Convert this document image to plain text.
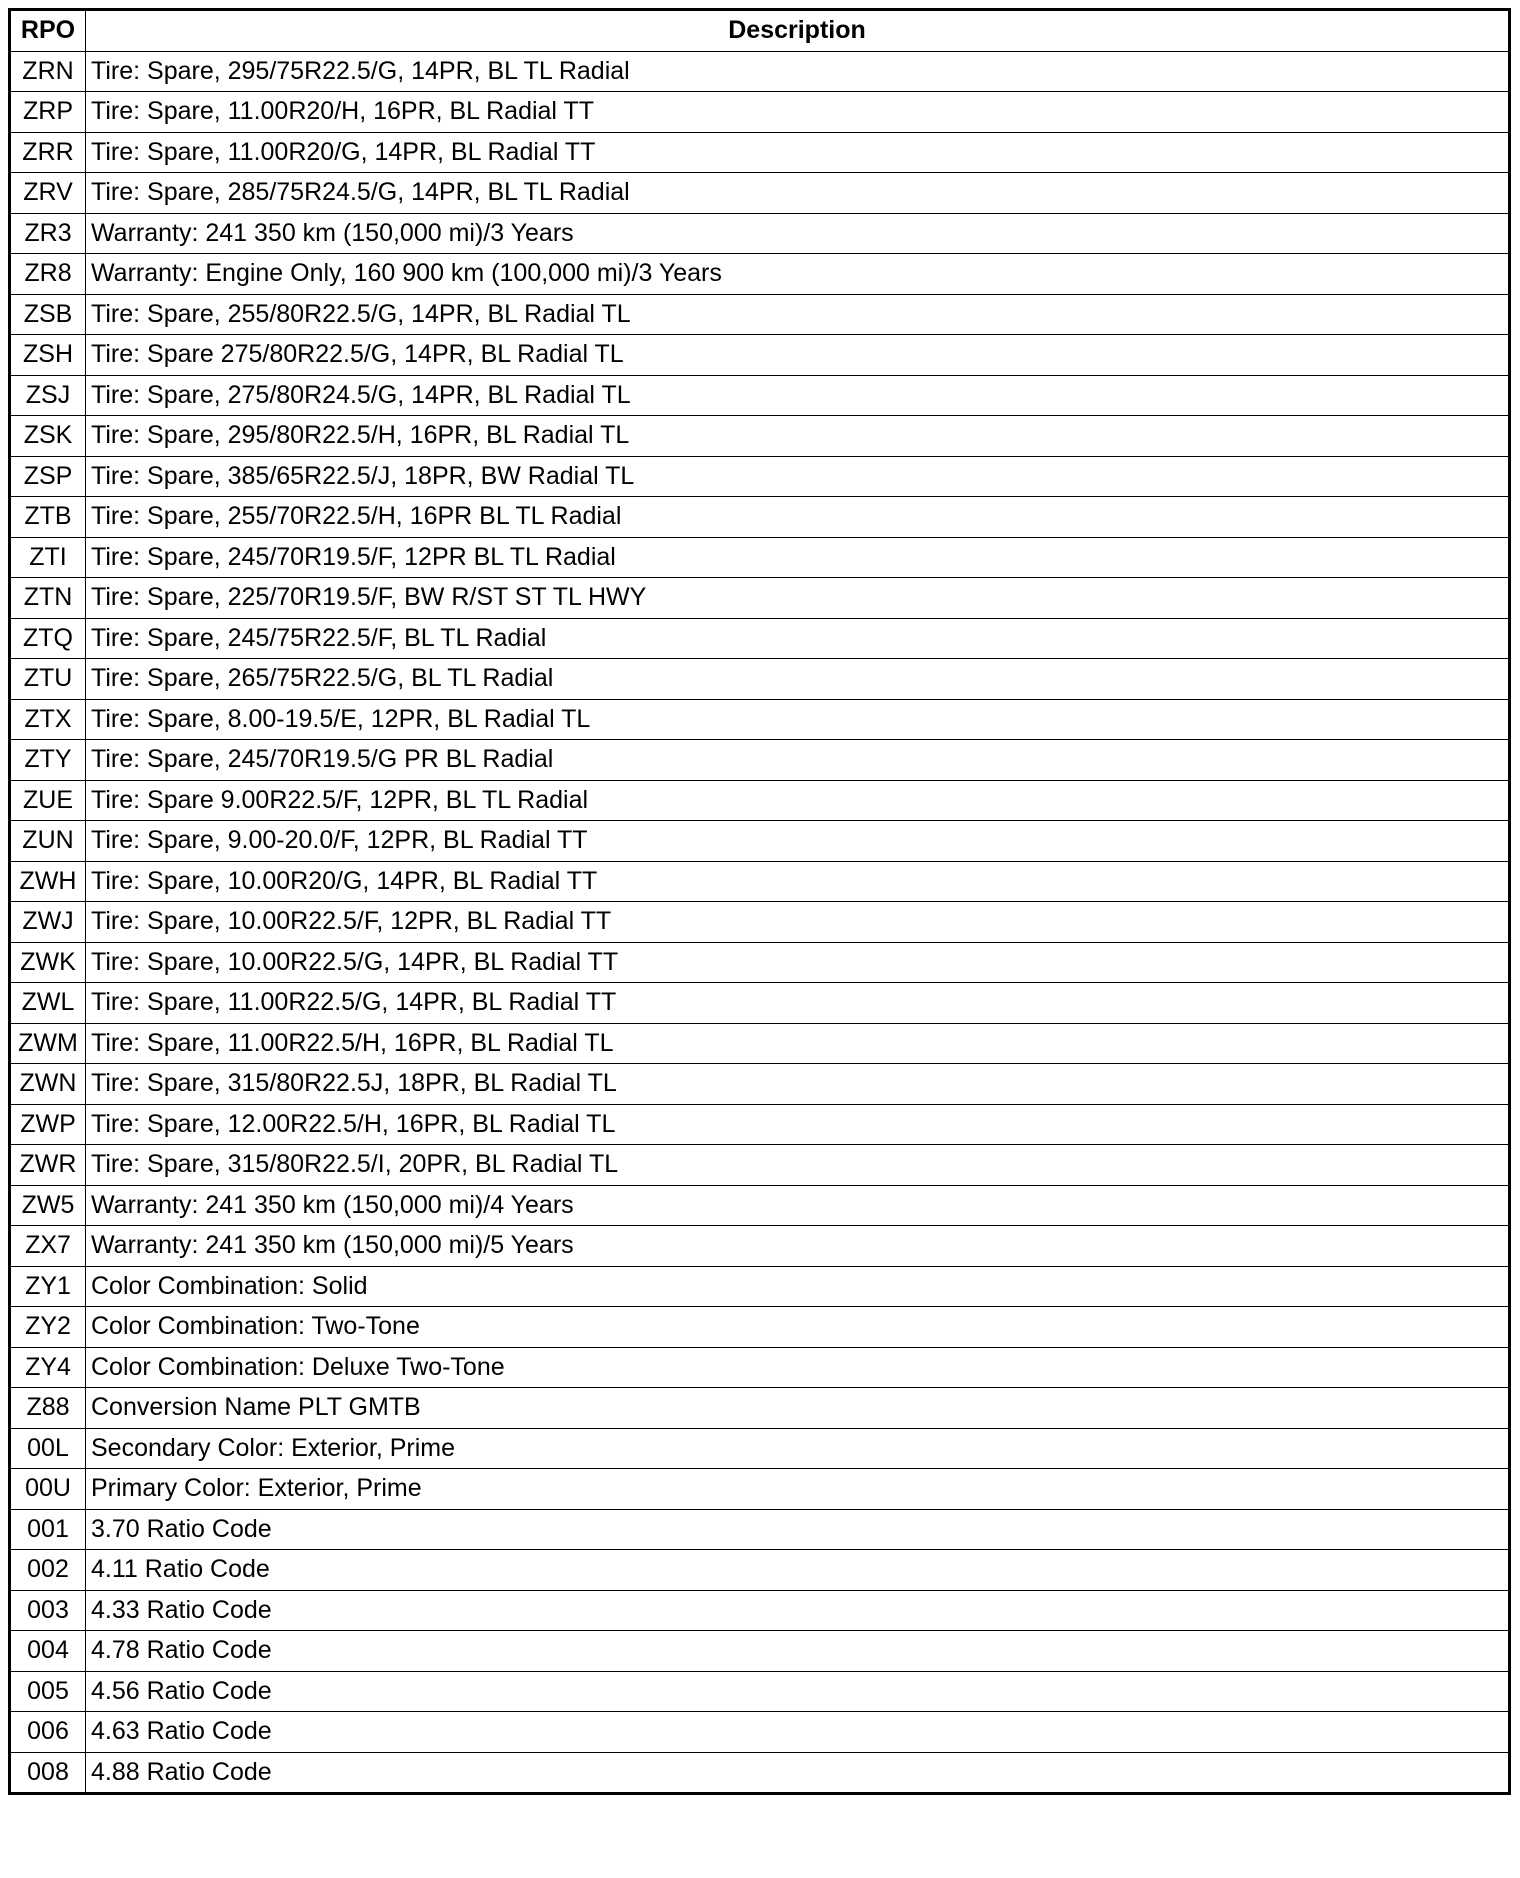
RPO	Description
ZRN	Tire: Spare, 295/75R22.5/G, 14PR, BL TL Radial
ZRP	Tire: Spare, 11.00R20/H, 16PR, BL Radial TT
ZRR	Tire: Spare, 11.00R20/G, 14PR, BL Radial TT
ZRV	Tire: Spare, 285/75R24.5/G, 14PR, BL TL Radial
ZR3	Warranty: 241 350 km (150,000 mi)/3 Years
ZR8	Warranty: Engine Only, 160 900 km (100,000 mi)/3 Years
ZSB	Tire: Spare, 255/80R22.5/G, 14PR, BL Radial TL
ZSH	Tire: Spare 275/80R22.5/G, 14PR, BL Radial TL
ZSJ	Tire: Spare, 275/80R24.5/G, 14PR, BL Radial TL
ZSK	Tire: Spare, 295/80R22.5/H, 16PR, BL Radial TL
ZSP	Tire: Spare, 385/65R22.5/J, 18PR, BW Radial TL
ZTB	Tire: Spare, 255/70R22.5/H, 16PR BL TL Radial
ZTI	Tire: Spare, 245/70R19.5/F, 12PR BL TL Radial
ZTN	Tire: Spare, 225/70R19.5/F, BW R/ST ST TL HWY
ZTQ	Tire: Spare, 245/75R22.5/F, BL TL Radial
ZTU	Tire: Spare, 265/75R22.5/G, BL TL Radial
ZTX	Tire: Spare, 8.00-19.5/E, 12PR, BL Radial TL
ZTY	Tire: Spare, 245/70R19.5/G PR BL Radial
ZUE	Tire: Spare 9.00R22.5/F, 12PR, BL TL Radial
ZUN	Tire: Spare, 9.00-20.0/F, 12PR, BL Radial TT
ZWH	Tire: Spare, 10.00R20/G, 14PR, BL Radial TT
ZWJ	Tire: Spare, 10.00R22.5/F, 12PR, BL Radial TT
ZWK	Tire: Spare, 10.00R22.5/G, 14PR, BL Radial TT
ZWL	Tire: Spare, 11.00R22.5/G, 14PR, BL Radial TT
ZWM	Tire: Spare, 11.00R22.5/H, 16PR, BL Radial TL
ZWN	Tire: Spare, 315/80R22.5J, 18PR, BL Radial TL
ZWP	Tire: Spare, 12.00R22.5/H, 16PR, BL Radial TL
ZWR	Tire: Spare, 315/80R22.5/I, 20PR, BL Radial TL
ZW5	Warranty: 241 350 km (150,000 mi)/4 Years
ZX7	Warranty: 241 350 km (150,000 mi)/5 Years
ZY1	Color Combination: Solid
ZY2	Color Combination: Two-Tone
ZY4	Color Combination: Deluxe Two-Tone
Z88	Conversion Name PLT GMTB
00L	Secondary Color: Exterior, Prime
00U	Primary Color: Exterior, Prime
001	3.70 Ratio Code
002	4.11 Ratio Code
003	4.33 Ratio Code
004	4.78 Ratio Code
005	4.56 Ratio Code
006	4.63 Ratio Code
008	4.88 Ratio Code
